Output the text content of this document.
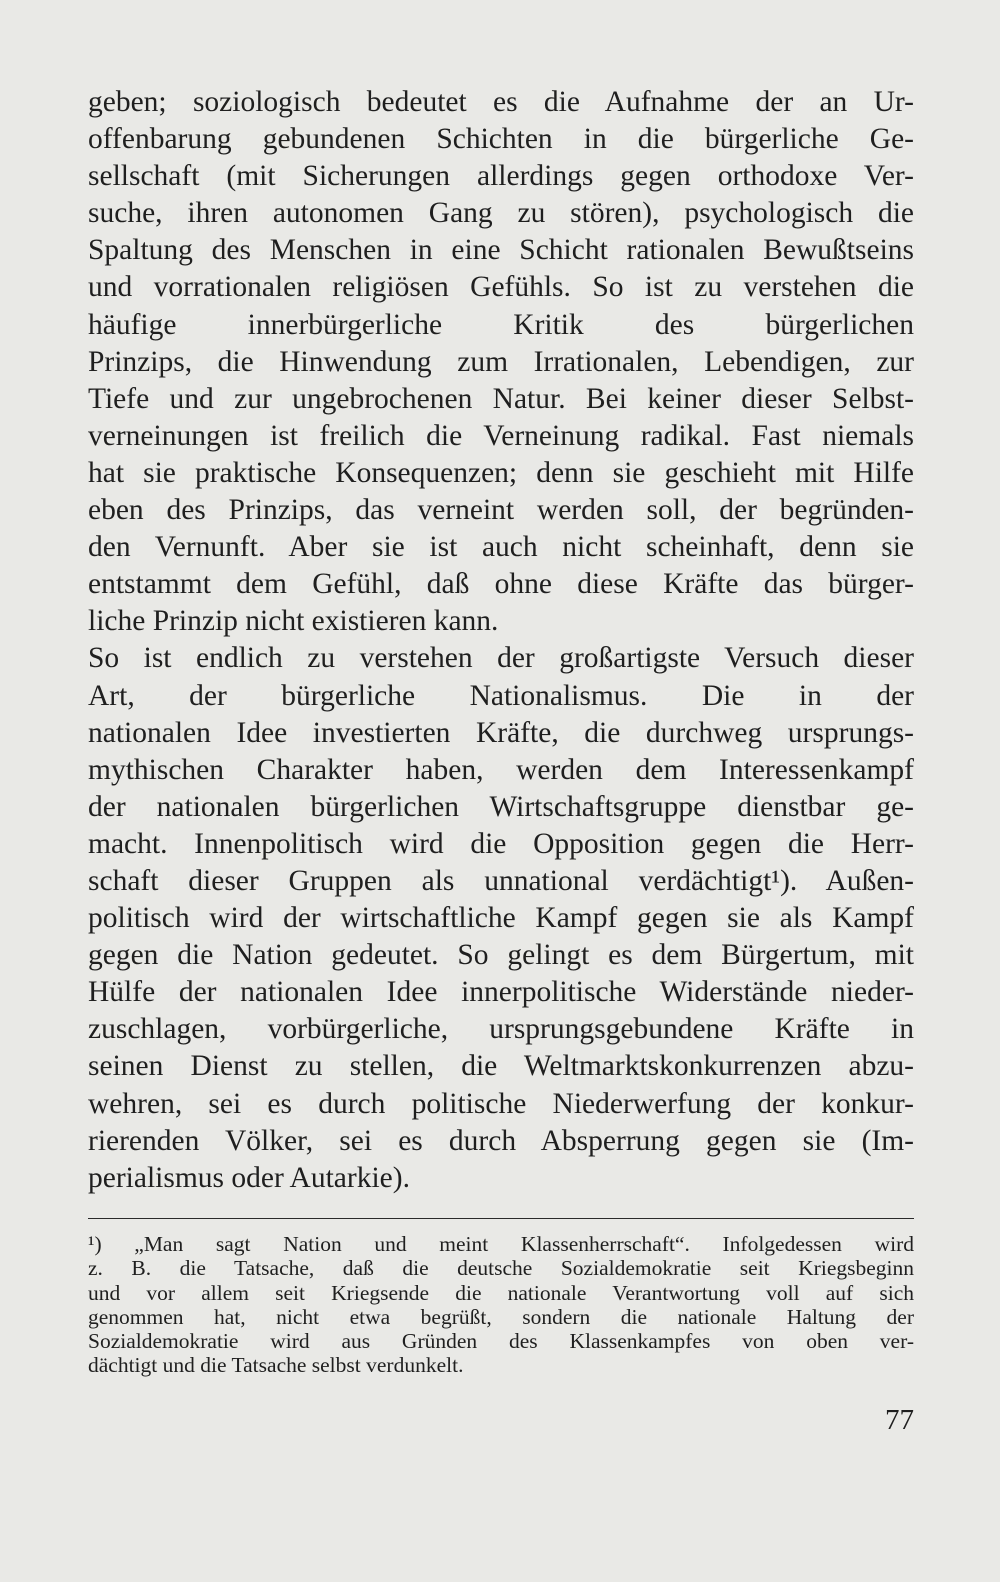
geben; soziologisch bedeutet es die Aufnahme der an Ur-
offenbarung gebundenen Schichten in die bürgerliche Ge-
sellschaft (mit Sicherungen allerdings gegen orthodoxe Ver-
suche, ihren autonomen Gang zu stören), psychologisch die
Spaltung des Menschen in eine Schicht rationalen Bewußtseins
und vorrationalen religiösen Gefühls. So ist zu verstehen die
häufige innerbürgerliche Kritik des bürgerlichen
Prinzips, die Hinwendung zum Irrationalen, Lebendigen, zur
Tiefe und zur ungebrochenen Natur. Bei keiner dieser Selbst-
verneinungen ist freilich die Verneinung radikal. Fast niemals
hat sie praktische Konsequenzen; denn sie geschieht mit Hilfe
eben des Prinzips, das verneint werden soll, der begründen-
den Vernunft. Aber sie ist auch nicht scheinhaft, denn sie
entstammt dem Gefühl, daß ohne diese Kräfte das bürger-
liche Prinzip nicht existieren kann.
So ist endlich zu verstehen der großartigste Versuch dieser
Art, der bürgerliche Nationalismus. Die in der
nationalen Idee investierten Kräfte, die durchweg ursprungs-
mythischen Charakter haben, werden dem Interessenkampf
der nationalen bürgerlichen Wirtschaftsgruppe dienstbar ge-
macht. Innenpolitisch wird die Opposition gegen die Herr-
schaft dieser Gruppen als unnational verdächtigt¹). Außen-
politisch wird der wirtschaftliche Kampf gegen sie als Kampf
gegen die Nation gedeutet. So gelingt es dem Bürgertum, mit
Hülfe der nationalen Idee innerpolitische Widerstände nieder-
zuschlagen, vorbürgerliche, ursprungsgebundene Kräfte in
seinen Dienst zu stellen, die Weltmarktskonkurrenzen abzu-
wehren, sei es durch politische Niederwerfung der konkur-
rierenden Völker, sei es durch Absperrung gegen sie (Im-
perialismus oder Autarkie).
¹) „Man sagt Nation und meint Klassenherrschaft“. Infolgedessen wird
z. B. die Tatsache, daß die deutsche Sozialdemokratie seit Kriegsbeginn
und vor allem seit Kriegsende die nationale Verantwortung voll auf sich
genommen hat, nicht etwa begrüßt, sondern die nationale Haltung der
Sozialdemokratie wird aus Gründen des Klassenkampfes von oben ver-
dächtigt und die Tatsache selbst verdunkelt.
77
